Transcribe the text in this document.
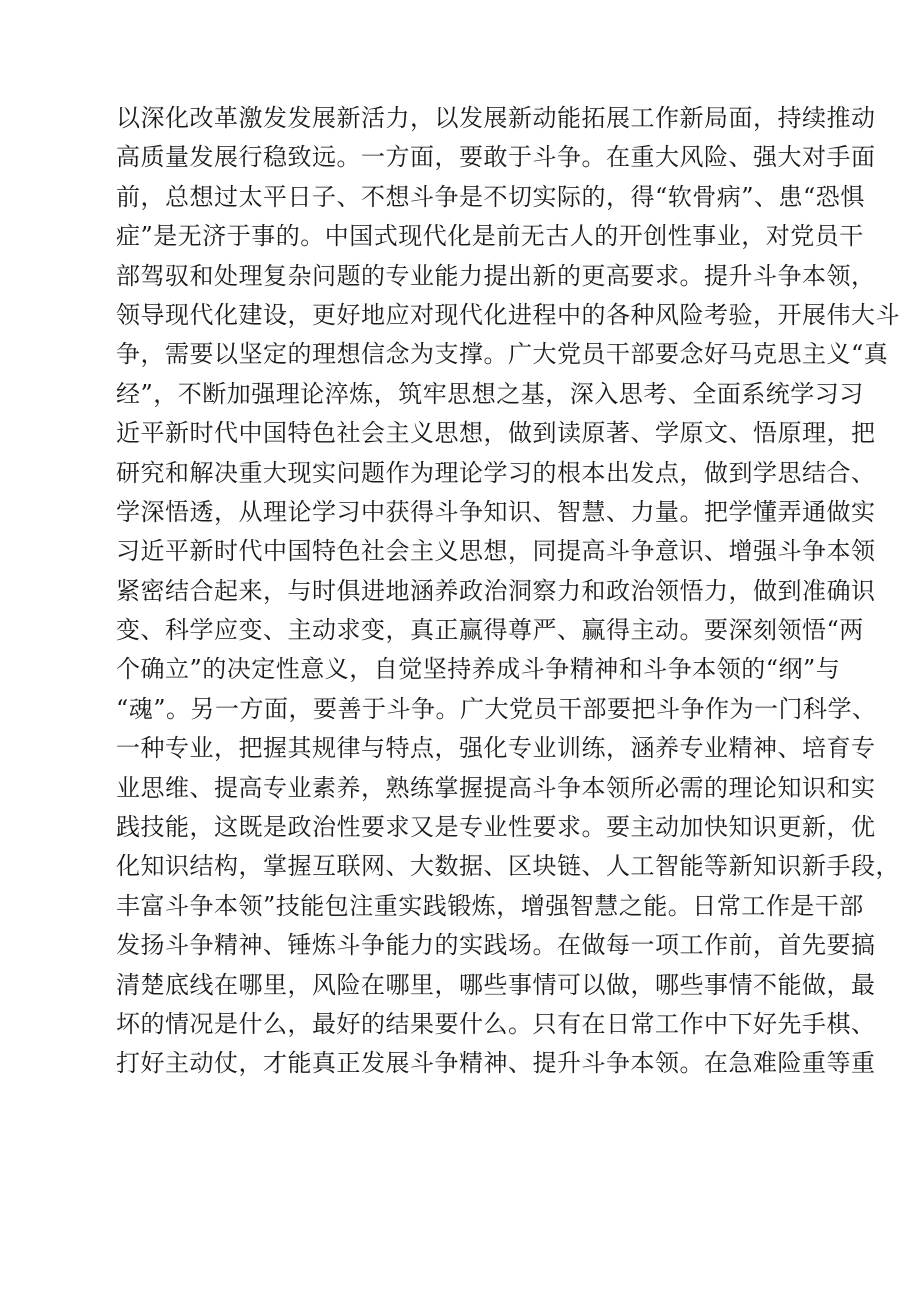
以深化改革激发发展新活力，以发展新动能拓展工作新局面，持续推动
高质量发展行稳致远。一方面，要敢于斗争。在重大风险、强大对手面
前，总想过太平日子、不想斗争是不切实际的，得“软骨病”、患“恐惧
症”是无济于事的。中国式现代化是前无古人的开创性事业，对党员干
部驾驭和处理复杂问题的专业能力提出新的更高要求。提升斗争本领，
领导现代化建设，更好地应对现代化进程中的各种风险考验，开展伟大斗
争，需要以坚定的理想信念为支撑。广大党员干部要念好马克思主义“真
经”，不断加强理论淬炼，筑牢思想之基，深入思考、全面系统学习习
近平新时代中国特色社会主义思想，做到读原著、学原文、悟原理，把
研究和解决重大现实问题作为理论学习的根本出发点，做到学思结合、
学深悟透，从理论学习中获得斗争知识、智慧、力量。把学懂弄通做实
习近平新时代中国特色社会主义思想，同提高斗争意识、增强斗争本领
紧密结合起来，与时俱进地涵养政治洞察力和政治领悟力，做到准确识
变、科学应变、主动求变，真正赢得尊严、赢得主动。要深刻领悟“两
个确立”的决定性意义，自觉坚持养成斗争精神和斗争本领的“纲”与
“魂”。另一方面，要善于斗争。广大党员干部要把斗争作为一门科学、
一种专业，把握其规律与特点，强化专业训练，涵养专业精神、培育专
业思维、提高专业素养，熟练掌握提高斗争本领所必需的理论知识和实
践技能，这既是政治性要求又是专业性要求。要主动加快知识更新，优
化知识结构，掌握互联网、大数据、区块链、人工智能等新知识新手段，
丰富斗争本领”技能包注重实践锻炼，增强智慧之能。日常工作是干部
发扬斗争精神、锤炼斗争能力的实践场。在做每一项工作前，首先要搞
清楚底线在哪里，风险在哪里，哪些事情可以做，哪些事情不能做，最
坏的情况是什么，最好的结果要什么。只有在日常工作中下好先手棋、
打好主动仗，才能真正发展斗争精神、提升斗争本领。在急难险重等重
